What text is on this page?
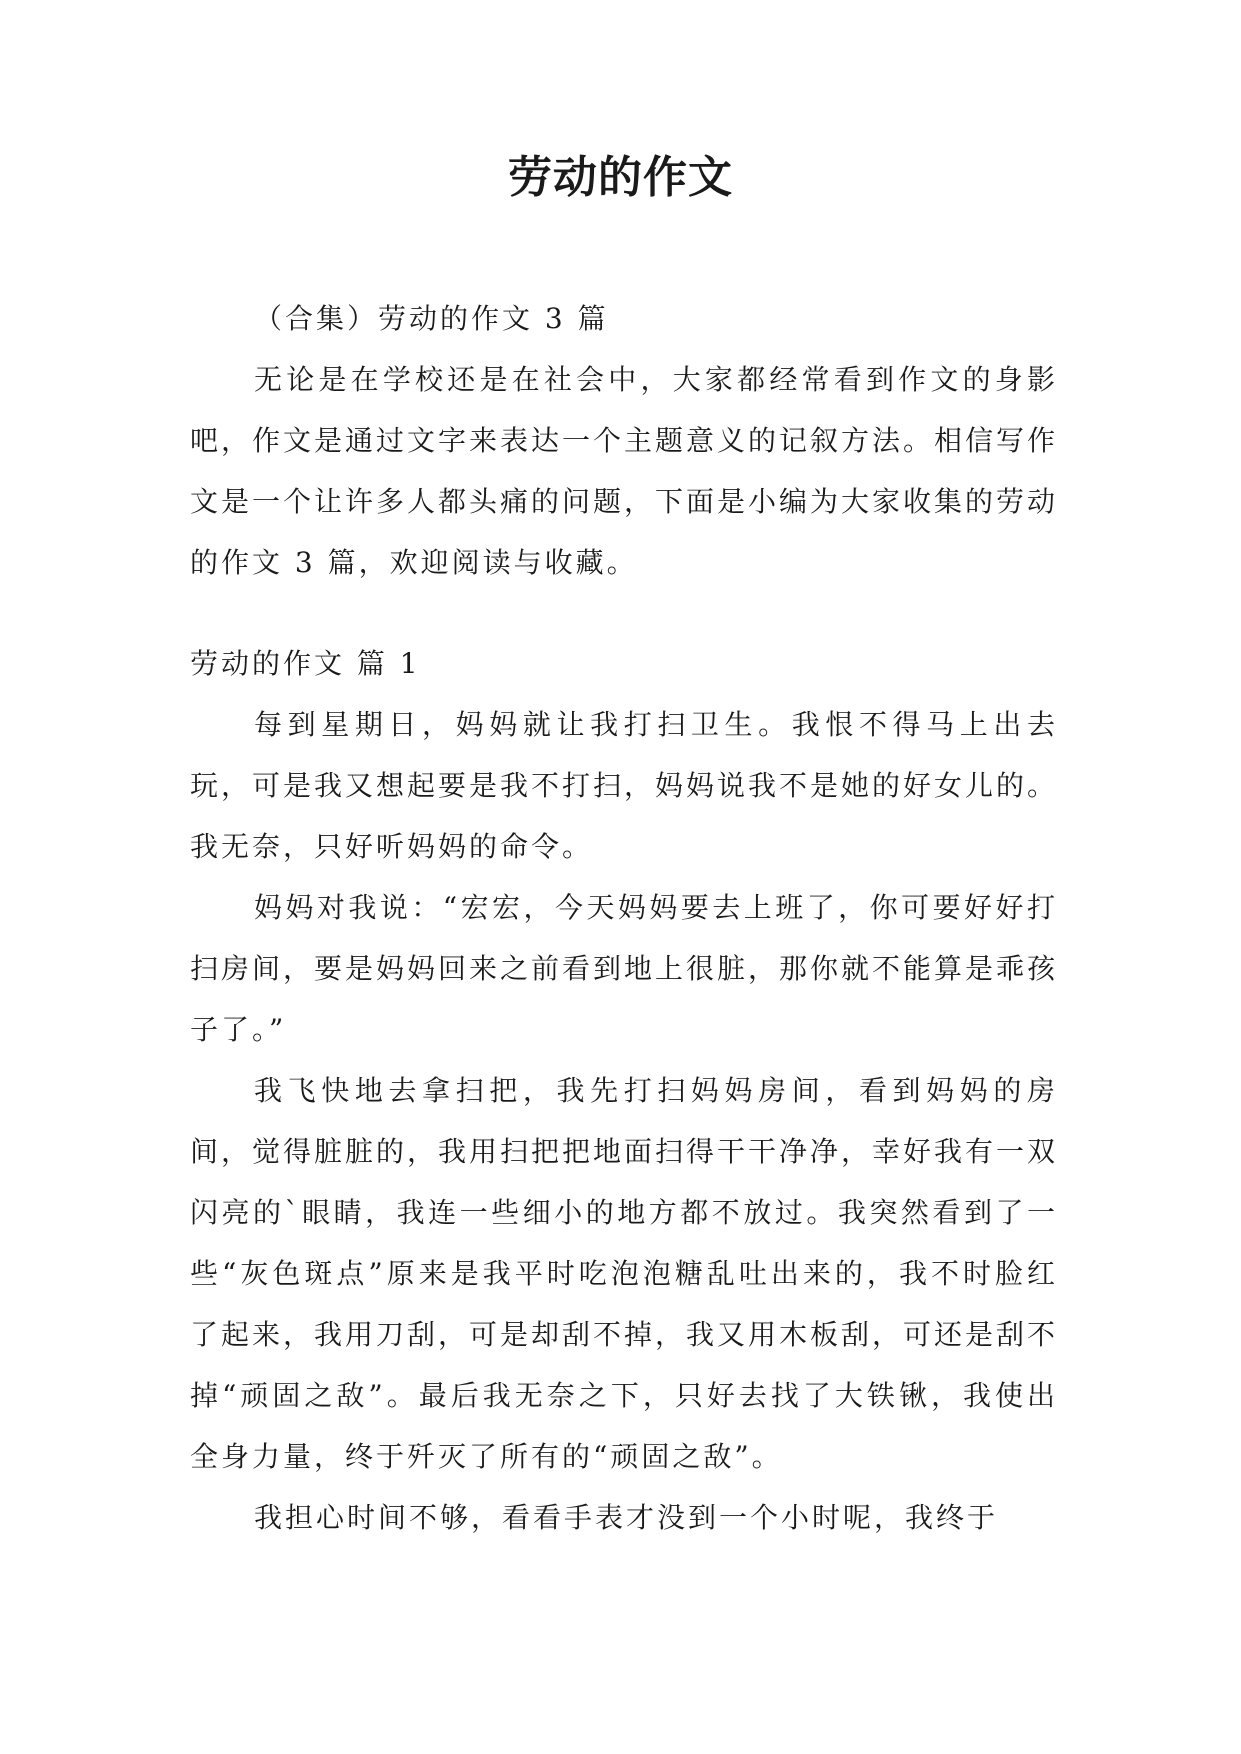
劳动的作文

（合集）劳动的作文 3 篇

无论是在学校还是在社会中，大家都经常看到作文的身影吧，作文是通过文字来表达一个主题意义的记叙方法。相信写作文是一个让许多人都头痛的问题，下面是小编为大家收集的劳动的作文 3 篇，欢迎阅读与收藏。

劳动的作文 篇 1

每到星期日，妈妈就让我打扫卫生。我恨不得马上出去玩，可是我又想起要是我不打扫，妈妈说我不是她的好女儿的。我无奈，只好听妈妈的命令。

妈妈对我说：“宏宏，今天妈妈要去上班了，你可要好好打扫房间，要是妈妈回来之前看到地上很脏，那你就不能算是乖孩子了。”

我飞快地去拿扫把，我先打扫妈妈房间，看到妈妈的房间，觉得脏脏的，我用扫把把地面扫得干干净净，幸好我有一双闪亮的`眼睛，我连一些细小的地方都不放过。我突然看到了一些“灰色斑点”原来是我平时吃泡泡糖乱吐出来的，我不时脸红了起来，我用刀刮，可是却刮不掉，我又用木板刮，可还是刮不掉“顽固之敌”。最后我无奈之下，只好去找了大铁锹，我使出全身力量，终于歼灭了所有的“顽固之敌”。

我担心时间不够，看看手表才没到一个小时呢，我终于
